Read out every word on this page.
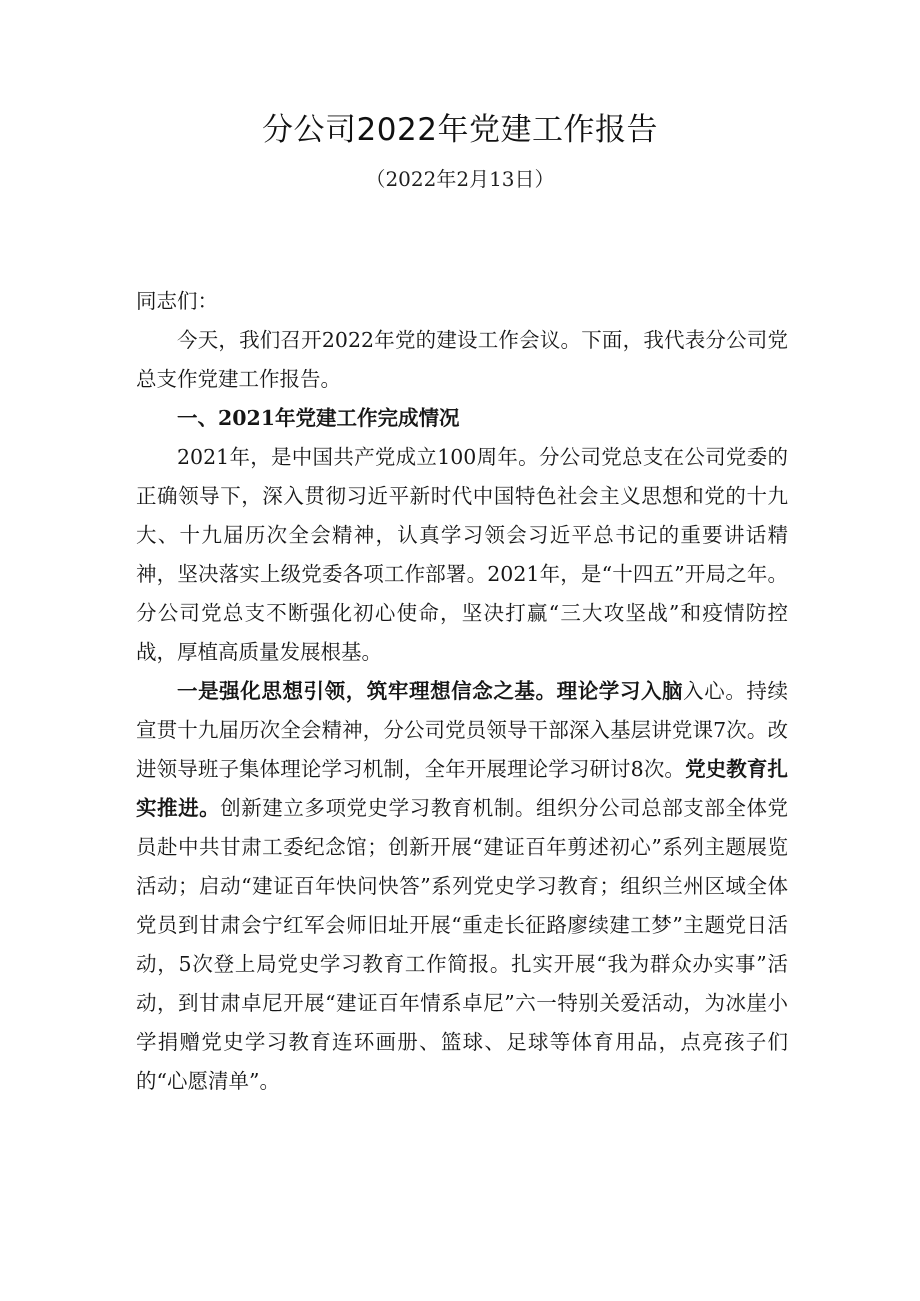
分公司2022年党建工作报告
（2022年2月13日）

同志们：

今天，我们召开2022年党的建设工作会议。下面，我代表分公司党总支作党建工作报告。

一、2021年党建工作完成情况

2021年，是中国共产党成立100周年。分公司党总支在公司党委的正确领导下，深入贯彻习近平新时代中国特色社会主义思想和党的十九大、十九届历次全会精神，认真学习领会习近平总书记的重要讲话精神，坚决落实上级党委各项工作部署。2021年，是“十四五”开局之年。分公司党总支不断强化初心使命，坚决打赢“三大攻坚战”和疫情防控战，厚植高质量发展根基。

一是强化思想引领，筑牢理想信念之基。理论学习入脑入心。持续宣贯十九届历次全会精神，分公司党员领导干部深入基层讲党课7次。改进领导班子集体理论学习机制，全年开展理论学习研讨8次。党史教育扎实推进。创新建立多项党史学习教育机制。组织分公司总部支部全体党员赴中共甘肃工委纪念馆；创新开展“建证百年剪述初心”系列主题展览活动；启动“建证百年快问快答”系列党史学习教育；组织兰州区域全体党员到甘肃会宁红军会师旧址开展“重走长征路廖续建工梦”主题党日活动，5次登上局党史学习教育工作简报。扎实开展“我为群众办实事”活动，到甘肃卓尼开展“建证百年情系卓尼”六一特别关爱活动，为冰崖小学捐赠党史学习教育连环画册、篮球、足球等体育用品，点亮孩子们的“心愿清单”。
